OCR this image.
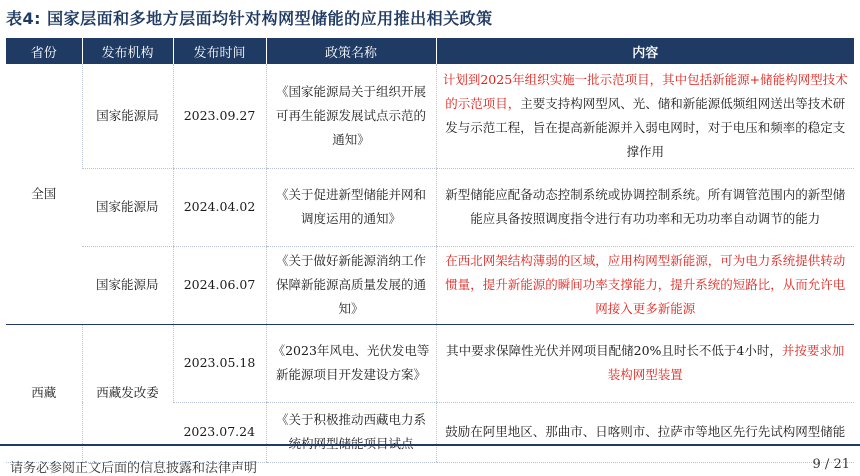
表4: 国家层面和多地方层面均针对构网型储能的应用推出相关政策
省份	发布机构	发布时间	政策名称	内容
全国	国家能源局	2023.09.27	《国家能源局关于组织开展可再生能源发展试点示范的通知》	计划到2025年组织实施一批示范项目，其中包括新能源+储能构网型技术的示范项目，主要支持构网型风、光、储和新能源低频组网送出等技术研发与示范工程，旨在提高新能源并入弱电网时，对于电压和频率的稳定支撑作用
	国家能源局	2024.04.02	《关于促进新型储能并网和调度运用的通知》	新型储能应配备动态控制系统或协调控制系统。所有调管范围内的新型储能应具备按照调度指令进行有功功率和无功功率自动调节的能力
	国家能源局	2024.06.07	《关于做好新能源消纳工作保障新能源高质量发展的通知》	在西北网架结构薄弱的区域，应用构网型新能源，可为电力系统提供转动惯量，提升新能源的瞬间功率支撑能力，提升系统的短路比，从而允许电网接入更多新能源
西藏	西藏发改委	2023.05.18	《2023年风电、光伏发电等新能源项目开发建设方案》	其中要求保障性光伏并网项目配储20%且时长不低于4小时，并按要求加装构网型装置
		2023.07.24	《关于积极推动西藏电力系	鼓励在阿里地区、那曲市、日喀则市、拉萨市等地区先行先试构网型储能
请务必参阅正文后面的信息披露和法律声明	9 / 21
